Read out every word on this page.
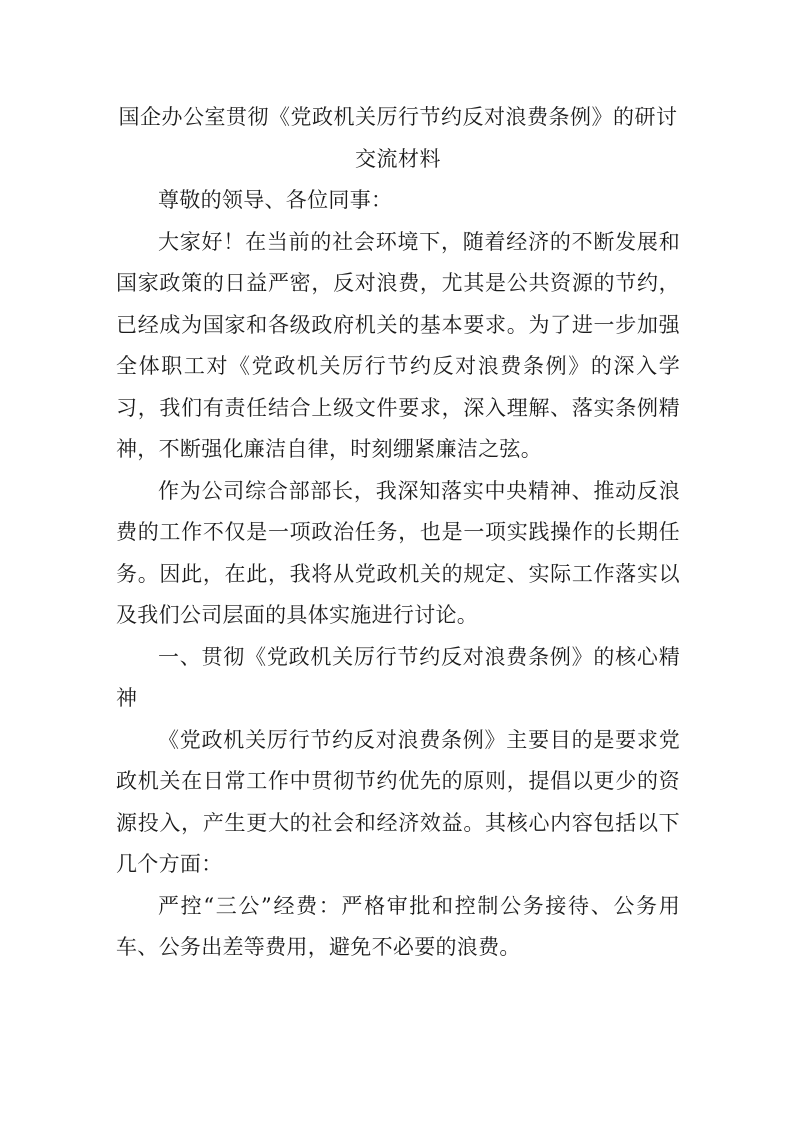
国企办公室贯彻《党政机关厉行节约反对浪费条例》的研讨交流材料

尊敬的领导、各位同事：

大家好！在当前的社会环境下，随着经济的不断发展和国家政策的日益严密，反对浪费，尤其是公共资源的节约，已经成为国家和各级政府机关的基本要求。为了进一步加强全体职工对《党政机关厉行节约反对浪费条例》的深入学习，我们有责任结合上级文件要求，深入理解、落实条例精神，不断强化廉洁自律，时刻绷紧廉洁之弦。

作为公司综合部部长，我深知落实中央精神、推动反浪费的工作不仅是一项政治任务，也是一项实践操作的长期任务。因此，在此，我将从党政机关的规定、实际工作落实以及我们公司层面的具体实施进行讨论。

一、贯彻《党政机关厉行节约反对浪费条例》的核心精神

《党政机关厉行节约反对浪费条例》主要目的是要求党政机关在日常工作中贯彻节约优先的原则，提倡以更少的资源投入，产生更大的社会和经济效益。其核心内容包括以下几个方面：

严控“三公”经费：严格审批和控制公务接待、公务用车、公务出差等费用，避免不必要的浪费。
